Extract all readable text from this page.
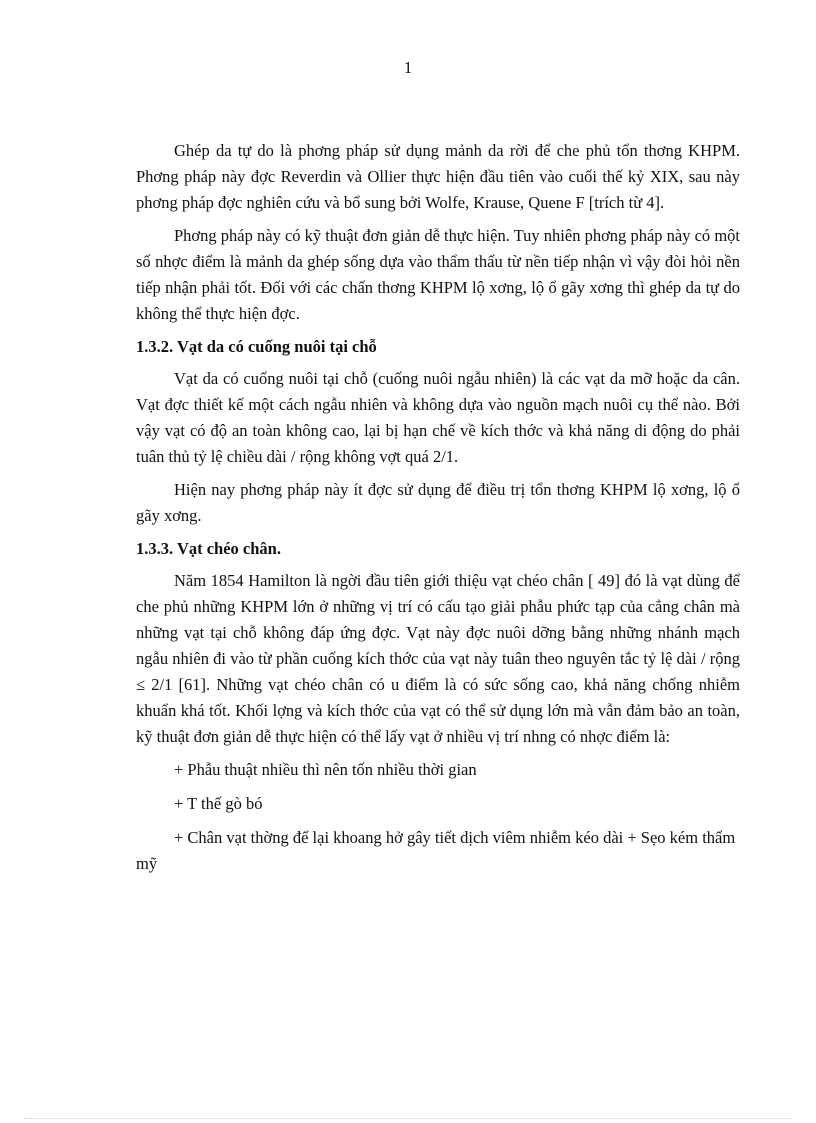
1

Ghép da tự do là phơng pháp sử dụng mảnh da rời để che phủ tổn thơng KHPM. Phơng pháp này đợc Reverdin và Ollier thực hiện đầu tiên vào cuối thế kỷ XIX, sau này phơng pháp đợc nghiên cứu và bổ sung bởi Wolfe, Krause, Quene F [trích từ 4].

Phơng pháp này có kỹ thuật đơn giản dễ thực hiện. Tuy nhiên phơng pháp này có một số nhợc điểm là mảnh da ghép sống dựa vào thẩm thấu từ nền tiếp nhận vì vậy đòi hỏi nền tiếp nhận phải tốt. Đối với các chấn thơng KHPM lộ xơng, lộ ổ gãy xơng thì ghép da tự do không thể thực hiện đợc.

1.3.2. Vạt da có cuống nuôi tại chỗ

Vạt da có cuống nuôi tại chỗ (cuống nuôi ngẫu nhiên) là các vạt da mỡ hoặc da cân. Vạt đợc thiết kế một cách ngẫu nhiên và không dựa vào nguồn mạch nuôi cụ thể nào. Bởi vậy vạt có độ an toàn không cao, lại bị hạn chế về kích thớc và khả năng di động do phải tuân thủ tỷ lệ chiều dài / rộng không vợt quá 2/1.

Hiện nay phơng pháp này ít đợc sử dụng để điều trị tổn thơng KHPM lộ xơng, lộ ổ gãy xơng.

1.3.3. Vạt chéo chân.

Năm 1854 Hamilton là ngời đầu tiên giới thiệu vạt chéo chân [ 49] đó là vạt dùng để che phủ những KHPM lớn ở những vị trí có cấu tạo giải phẫu phức tạp của cẳng chân mà những vạt tại chỗ không đáp ứng đợc. Vạt này đợc nuôi dỡng bằng những nhánh mạch ngẫu nhiên đi vào từ phần cuống kích thớc của vạt này tuân theo nguyên tắc tỷ lệ dài / rộng ≤ 2/1 [61]. Những vạt chéo chân có u điểm là có sức sống cao, khả năng chống nhiễm khuẩn khá tốt. Khối lợng và kích thớc của vạt có thể sử dụng lớn mà vẫn đảm bảo an toàn, kỹ thuật đơn giản dễ thực hiện có thể lấy vạt ở nhiều vị trí nhng có nhợc điểm là:

+ Phẫu thuật nhiều thì nên tốn nhiều thời gian

+ T thế gò bó

+ Chân vạt thờng để lại khoang hở gây tiết dịch viêm nhiễm kéo dài + Sẹo kém thẩm mỹ
